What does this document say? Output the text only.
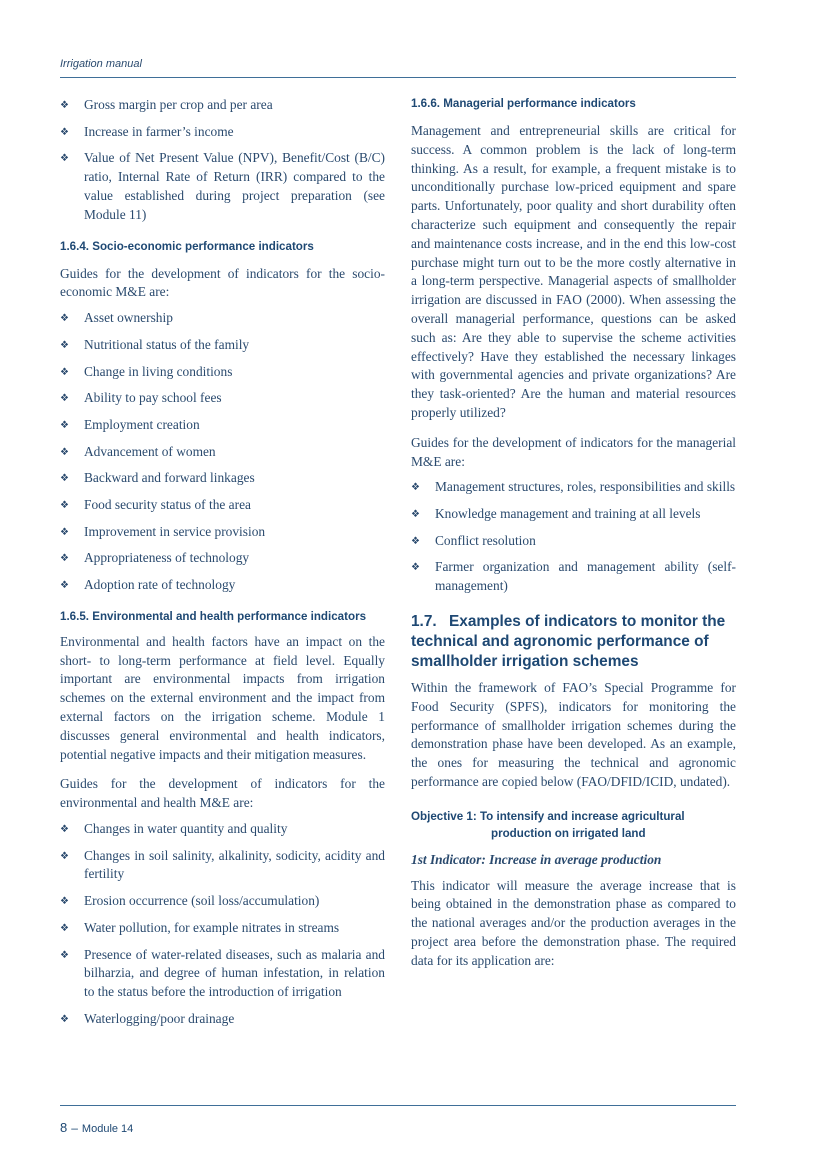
Irrigation manual
❖ Gross margin per crop and per area
❖ Increase in farmer’s income
❖ Value of Net Present Value (NPV), Benefit/Cost (B/C) ratio, Internal Rate of Return (IRR) compared to the value established during project preparation (see Module 11)
1.6.4. Socio-economic performance indicators

Guides for the development of indicators for the socio-economic M&E are:

❖ Asset ownership
❖ Nutritional status of the family
❖ Change in living conditions
❖ Ability to pay school fees
❖ Employment creation
❖ Advancement of women
❖ Backward and forward linkages
❖ Food security status of the area
❖ Improvement in service provision
❖ Appropriateness of technology
❖ Adoption rate of technology
1.6.5. Environmental and health performance indicators

Environmental and health factors have an impact on the short- to long-term performance at field level. Equally important are environmental impacts from irrigation schemes on the external environment and the impact from external factors on the irrigation scheme. Module 1 discusses general environmental and health indicators, potential negative impacts and their mitigation measures.

Guides for the development of indicators for the environmental and health M&E are:

❖ Changes in water quantity and quality
❖ Changes in soil salinity, alkalinity, sodicity, acidity and fertility
❖ Erosion occurrence (soil loss/accumulation)
❖ Water pollution, for example nitrates in streams
❖ Presence of water-related diseases, such as malaria and bilharzia, and degree of human infestation, in relation to the status before the introduction of irrigation
❖ Waterlogging/poor drainage
1.6.6. Managerial performance indicators

Management and entrepreneurial skills are critical for success. A common problem is the lack of long-term thinking. As a result, for example, a frequent mistake is to unconditionally purchase low-priced equipment and spare parts. Unfortunately, poor quality and short durability often characterize such equipment and consequently the repair and maintenance costs increase, and in the end this low-cost purchase might turn out to be the more costly alternative in a long-term perspective. Managerial aspects of smallholder irrigation are discussed in FAO (2000). When assessing the overall managerial performance, questions can be asked such as: Are they able to supervise the scheme activities effectively? Have they established the necessary linkages with governmental agencies and private organizations? Are they task-oriented? Are the human and material resources properly utilized?

Guides for the development of indicators for the managerial M&E are:

❖ Management structures, roles, responsibilities and skills
❖ Knowledge management and training at all levels
❖ Conflict resolution
❖ Farmer organization and management ability (self-management)
1.7. Examples of indicators to monitor the technical and agronomic performance of smallholder irrigation schemes

Within the framework of FAO’s Special Programme for Food Security (SPFS), indicators for monitoring the performance of smallholder irrigation schemes during the demonstration phase have been developed. As an example, the ones for measuring the technical and agronomic performance are copied below (FAO/DFID/ICID, undated).

Objective 1: To intensify and increase agricultural
production on irrigated land

1st Indicator: Increase in average production

This indicator will measure the average increase that is being obtained in the demonstration phase as compared to the national averages and/or the production averages in the project area before the demonstration phase. The required data for its application are:

8 – Module 14
